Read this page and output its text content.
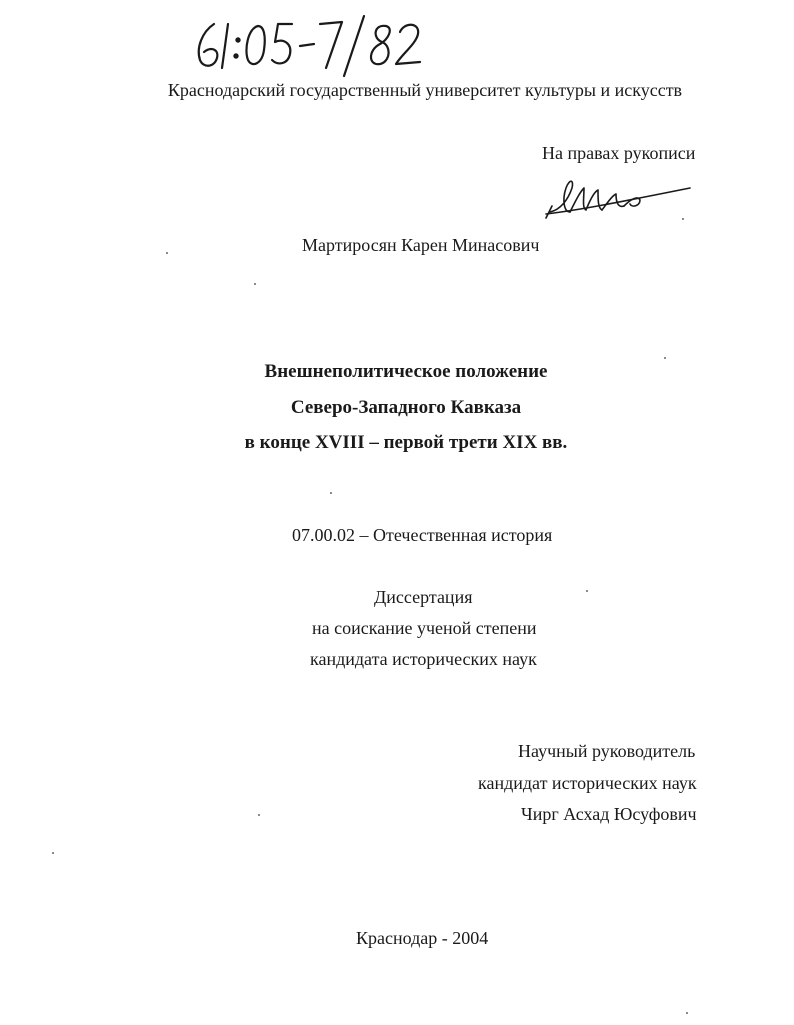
Краснодарский государственный университет культуры и искусств
На правах рукописи
Мартиросян Карен Минасович
Внешнеполитическое положение
Северо-Западного Кавказа
в конце XVIII – первой трети XIX вв.
07.00.02 – Отечественная история
Диссертация
на соискание ученой степени
кандидата исторических наук
Научный руководитель
кандидат исторических наук
Чирг Асхад Юсуфович
Краснодар - 2004
